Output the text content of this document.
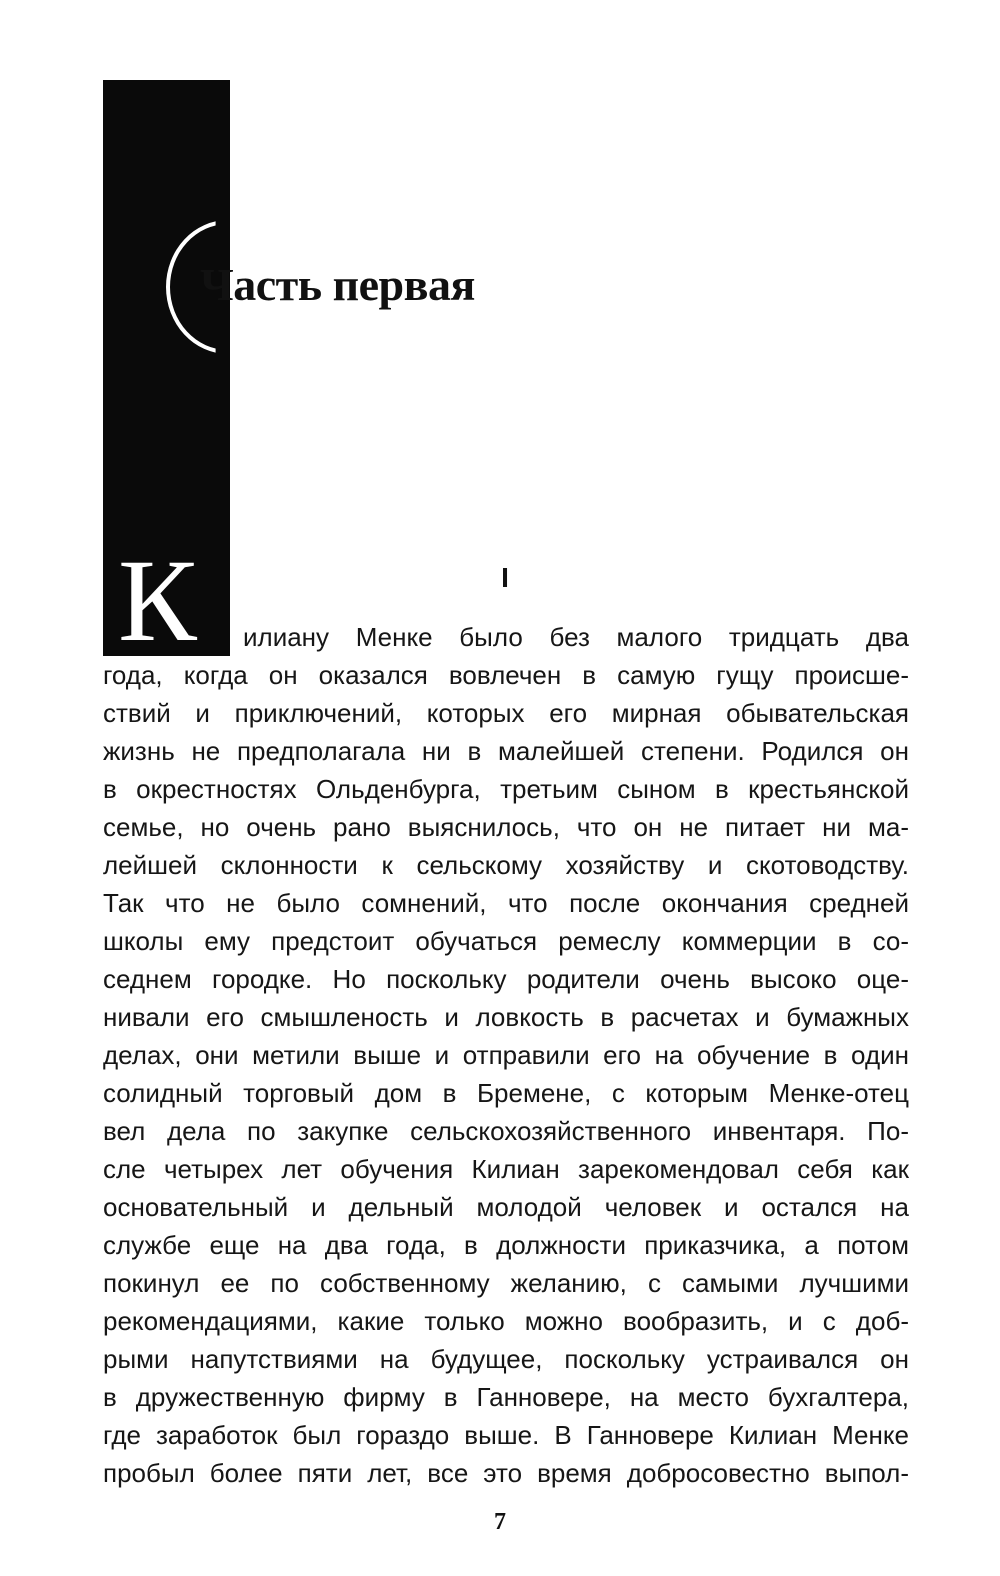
Часть первая

К	I

илиану Менке было без малого тридцать два
года, когда он оказался вовлечен в самую гущу происше-
ствий и приключений, которых его мирная обывательская
жизнь не предполагала ни в малейшей степени. Родился он
в окрестностях Ольденбурга, третьим сыном в крестьянской
семье, но очень рано выяснилось, что он не питает ни ма-
лейшей склонности к сельскому хозяйству и скотоводству.
Так что не было сомнений, что после окончания средней
школы ему предстоит обучаться ремеслу коммерции в со-
седнем городке. Но поскольку родители очень высоко оце-
нивали его смышленость и ловкость в расчетах и бумажных
делах, они метили выше и отправили его на обучение в один
солидный торговый дом в Бремене, с которым Менке-отец
вел дела по закупке сельскохозяйственного инвентаря. По-
сле четырех лет обучения Килиан зарекомендовал себя как
основательный и дельный молодой человек и остался на
службе еще на два года, в должности приказчика, а потом
покинул ее по собственному желанию, с самыми лучшими
рекомендациями, какие только можно вообразить, и с доб-
рыми напутствиями на будущее, поскольку устраивался он
в дружественную фирму в Ганновере, на место бухгалтера,
где заработок был гораздо выше. В Ганновере Килиан Менке
пробыл более пяти лет, все это время добросовестно выпол-

7
